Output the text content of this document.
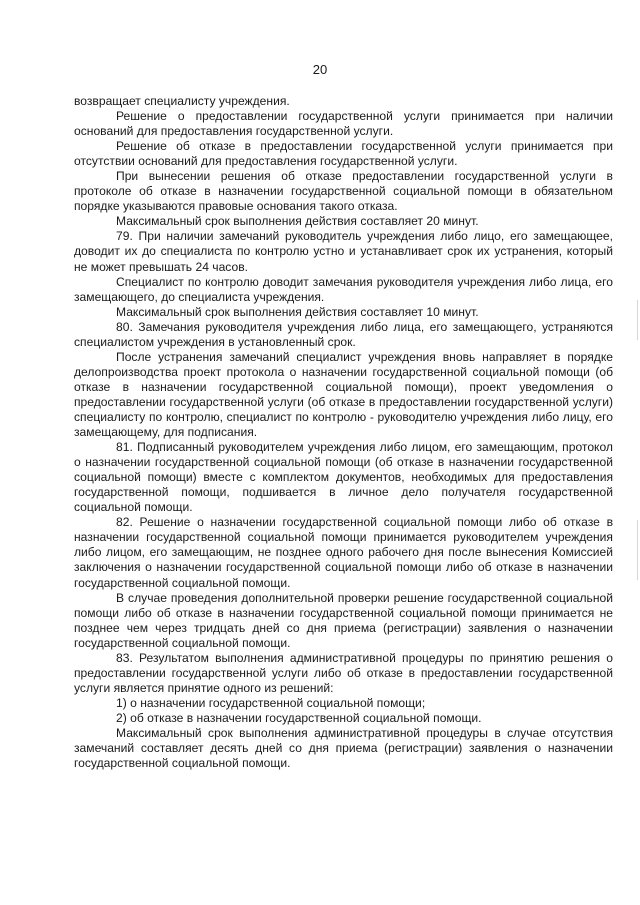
20

возвращает специалисту учреждения.

Решение о предоставлении государственной услуги принимается при наличии оснований для предоставления государственной услуги.

Решение об отказе в предоставлении государственной услуги принимается при отсутствии оснований для предоставления государственной услуги.

При вынесении решения об отказе предоставлении государственной услуги в протоколе об отказе в назначении государственной социальной помощи в обязательном порядке указываются правовые основания такого отказа.

Максимальный срок выполнения действия составляет 20 минут.

79. При наличии замечаний руководитель учреждения либо лицо, его замещающее, доводит их до специалиста по контролю устно и устанавливает срок их устранения, который не может превышать 24 часов.

Специалист по контролю доводит замечания руководителя учреждения либо лица, его замещающего, до специалиста учреждения.

Максимальный срок выполнения действия составляет 10 минут.

80. Замечания руководителя учреждения либо лица, его замещающего, устраняются специалистом учреждения в установленный срок.

После устранения замечаний специалист учреждения вновь направляет в порядке делопроизводства проект протокола о назначении государственной социальной помощи (об отказе в назначении государственной социальной помощи), проект уведомления о предоставлении государственной услуги (об отказе в предоставлении государственной услуги) специалисту по контролю, специалист по контролю - руководителю учреждения либо лицу, его замещающему, для подписания.

81. Подписанный руководителем учреждения либо лицом, его замещающим, протокол о назначении государственной социальной помощи (об отказе в назначении государственной социальной помощи) вместе с комплектом документов, необходимых для предоставления государственной помощи, подшивается в личное дело получателя государственной социальной помощи.

82. Решение о назначении государственной социальной помощи либо об отказе в назначении государственной социальной помощи принимается руководителем учреждения либо лицом, его замещающим, не позднее одного рабочего дня после вынесения Комиссией заключения о назначении государственной социальной помощи либо об отказе в назначении государственной социальной помощи.

В случае проведения дополнительной проверки решение государственной социальной помощи либо об отказе в назначении государственной социальной помощи принимается не позднее чем через тридцать дней со дня приема (регистрации) заявления о назначении государственной социальной помощи.

83. Результатом выполнения административной процедуры по принятию решения о предоставлении государственной услуги либо об отказе в предоставлении государственной услуги является принятие одного из решений:

1) о назначении государственной социальной помощи;

2) об отказе в назначении государственной социальной помощи.

Максимальный срок выполнения административной процедуры в случае отсутствия замечаний составляет десять дней со дня приема (регистрации) заявления о назначении государственной социальной помощи.
